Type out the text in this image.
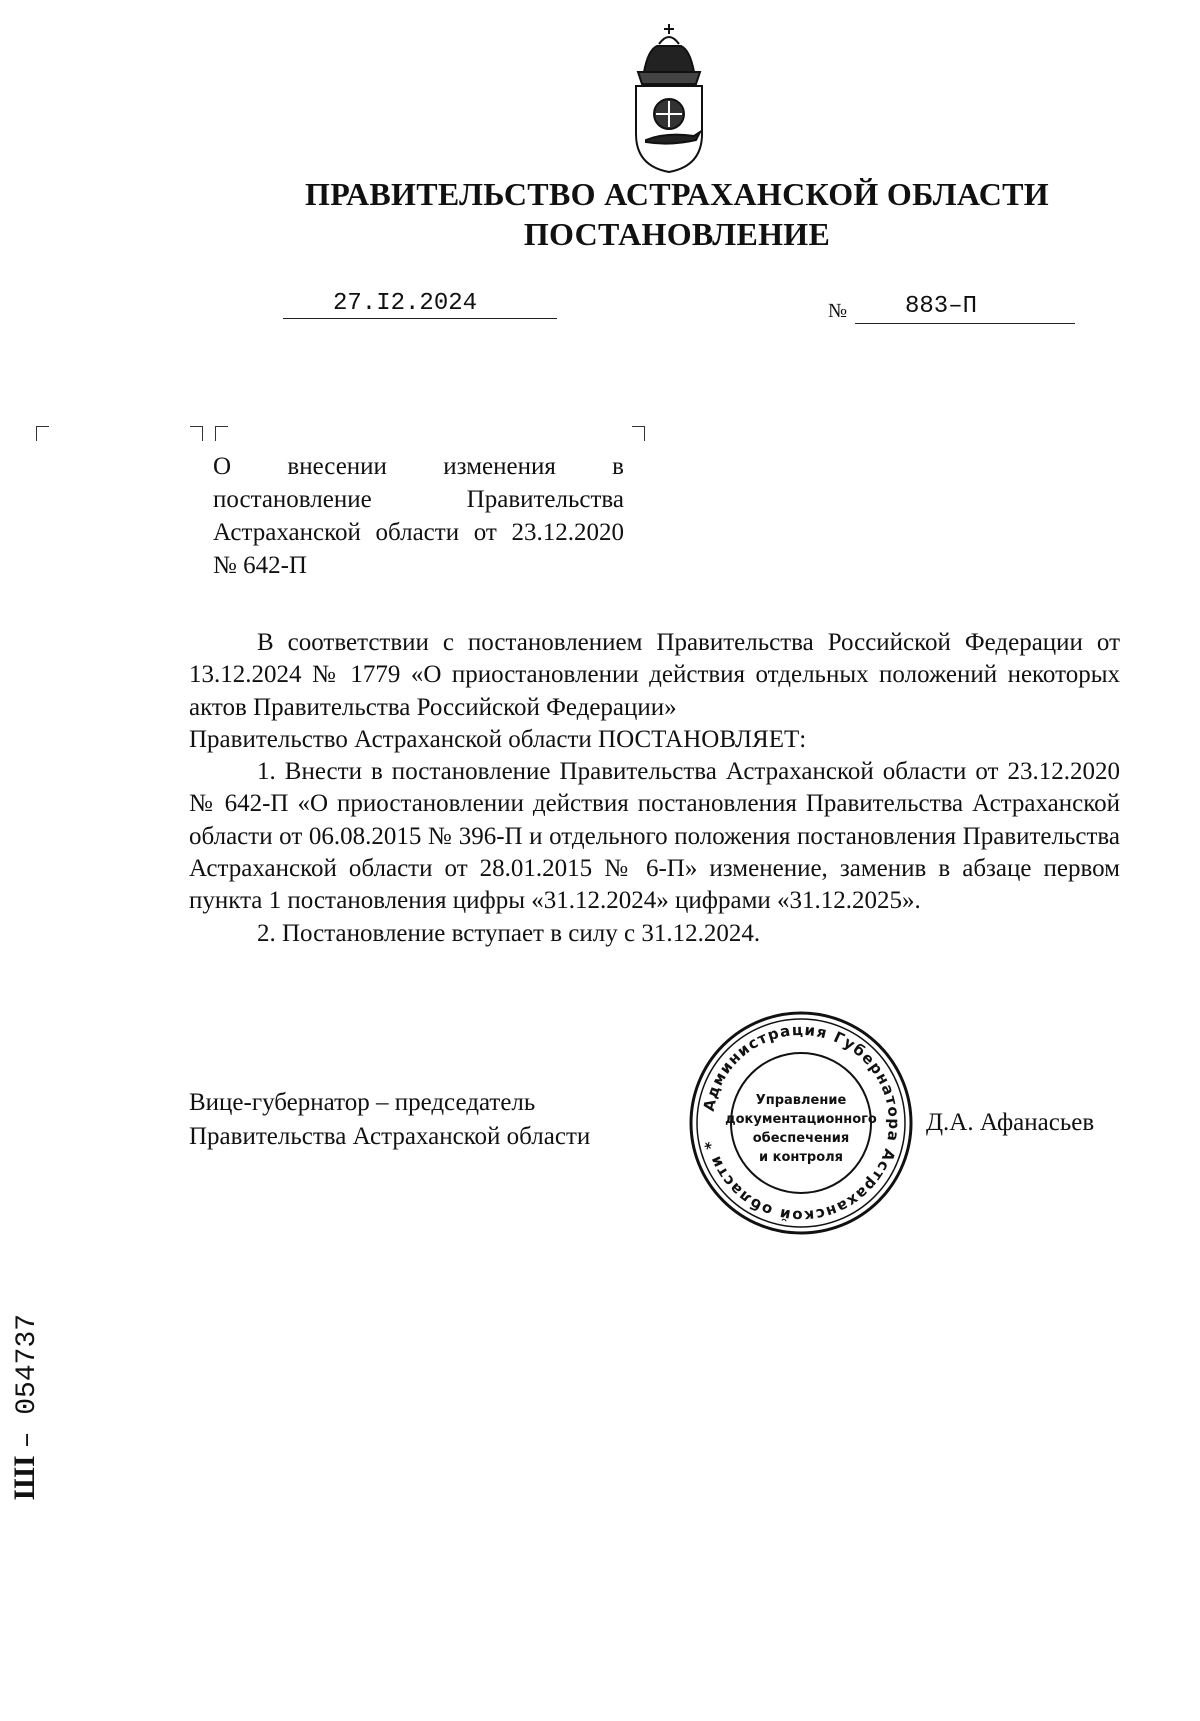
ПРАВИТЕЛЬСТВО АСТРАХАНСКОЙ ОБЛАСТИ
ПОСТАНОВЛЕНИЕ
27.I2.2024	№ 883–П
О внесении изменения в постановление Правительства Астраханской области от 23.12.2020 № 642-П

В соответствии с постановлением Правительства Российской Федерации от 13.12.2024 № 1779 «О приостановлении действия отдельных положений некоторых актов Правительства Российской Федерации»

Правительство Астраханской области ПОСТАНОВЛЯЕТ:

1. Внести в постановление Правительства Астраханской области от 23.12.2020 № 642-П «О приостановлении действия постановления Правительства Астраханской области от 06.08.2015 № 396-П и отдельного положения постановления Правительства Астраханской области от 28.01.2015 № 6-П» изменение, заменив в абзаце первом пункта 1 постановления цифры «31.12.2024» цифрами «31.12.2025».

2. Постановление вступает в силу с 31.12.2024.

Вице-губернатор – председатель
Правительства Астраханской области
Администрация Губернатора Астраханской области *
Управление
документационного
обеспечения
и контроля
Д.А. Афанасьев
ШI – 054737
